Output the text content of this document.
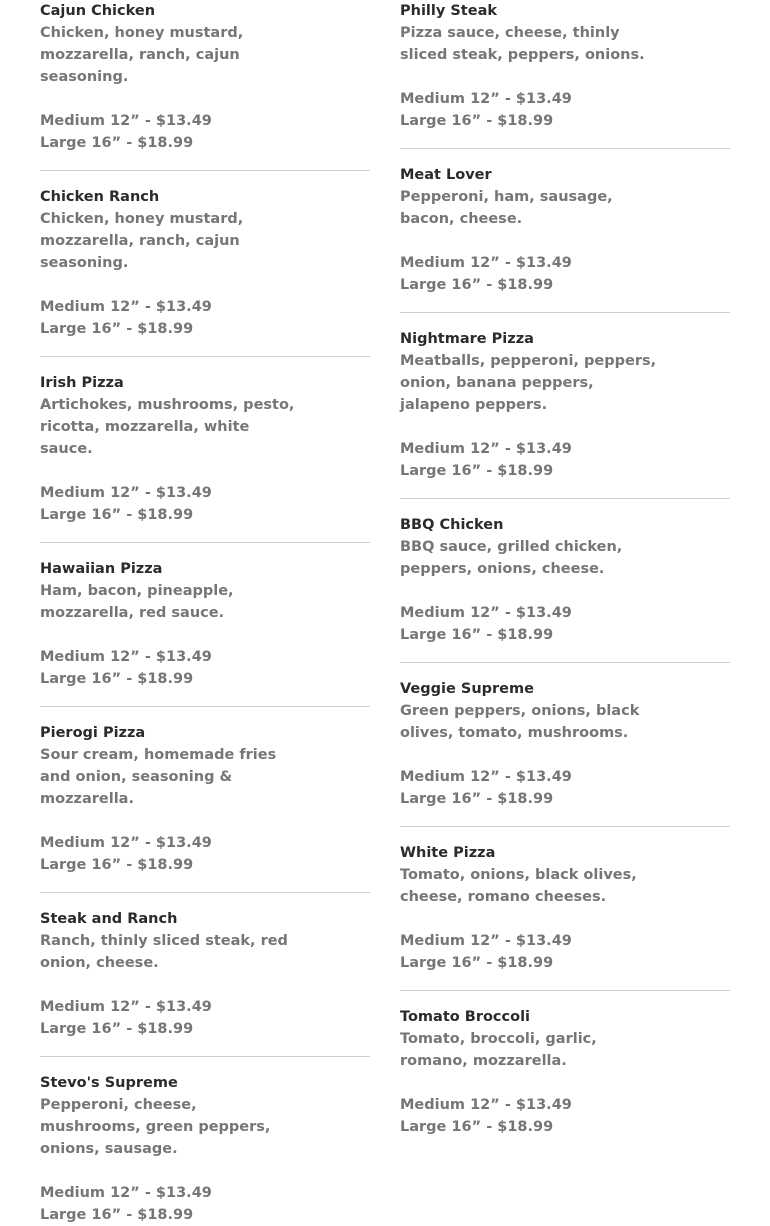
Cajun Chicken
Chicken, honey mustard, mozzarella, ranch, cajun seasoning.
Medium 12” - $13.49
Large 16” - $18.99
Chicken Ranch
Chicken, honey mustard, mozzarella, ranch, cajun seasoning.
Medium 12” - $13.49
Large 16” - $18.99
Irish Pizza
Artichokes, mushrooms, pesto, ricotta, mozzarella, white sauce.
Medium 12” - $13.49
Large 16” - $18.99
Hawaiian Pizza
Ham, bacon, pineapple, mozzarella, red sauce.
Medium 12” - $13.49
Large 16” - $18.99
Pierogi Pizza
Sour cream, homemade fries and onion, seasoning & mozzarella.
Medium 12” - $13.49
Large 16” - $18.99
Steak and Ranch
Ranch, thinly sliced steak, red onion, cheese.
Medium 12” - $13.49
Large 16” - $18.99
Stevo's Supreme
Pepperoni, cheese, mushrooms, green peppers, onions, sausage.
Medium 12” - $13.49
Large 16” - $18.99
Philly Steak
Pizza sauce, cheese, thinly sliced steak, peppers, onions.
Medium 12” - $13.49
Large 16” - $18.99
Meat Lover
Pepperoni, ham, sausage, bacon, cheese.
Medium 12” - $13.49
Large 16” - $18.99
Nightmare Pizza
Meatballs, pepperoni, peppers, onion, banana peppers, jalapeno peppers.
Medium 12” - $13.49
Large 16” - $18.99
BBQ Chicken
BBQ sauce, grilled chicken, peppers, onions, cheese.
Medium 12” - $13.49
Large 16” - $18.99
Veggie Supreme
Green peppers, onions, black olives, tomato, mushrooms.
Medium 12” - $13.49
Large 16” - $18.99
White Pizza
Tomato, onions, black olives, cheese, romano cheeses.
Medium 12” - $13.49
Large 16” - $18.99
Tomato Broccoli
Tomato, broccoli, garlic, romano, mozzarella.
Medium 12” - $13.49
Large 16” - $18.99
